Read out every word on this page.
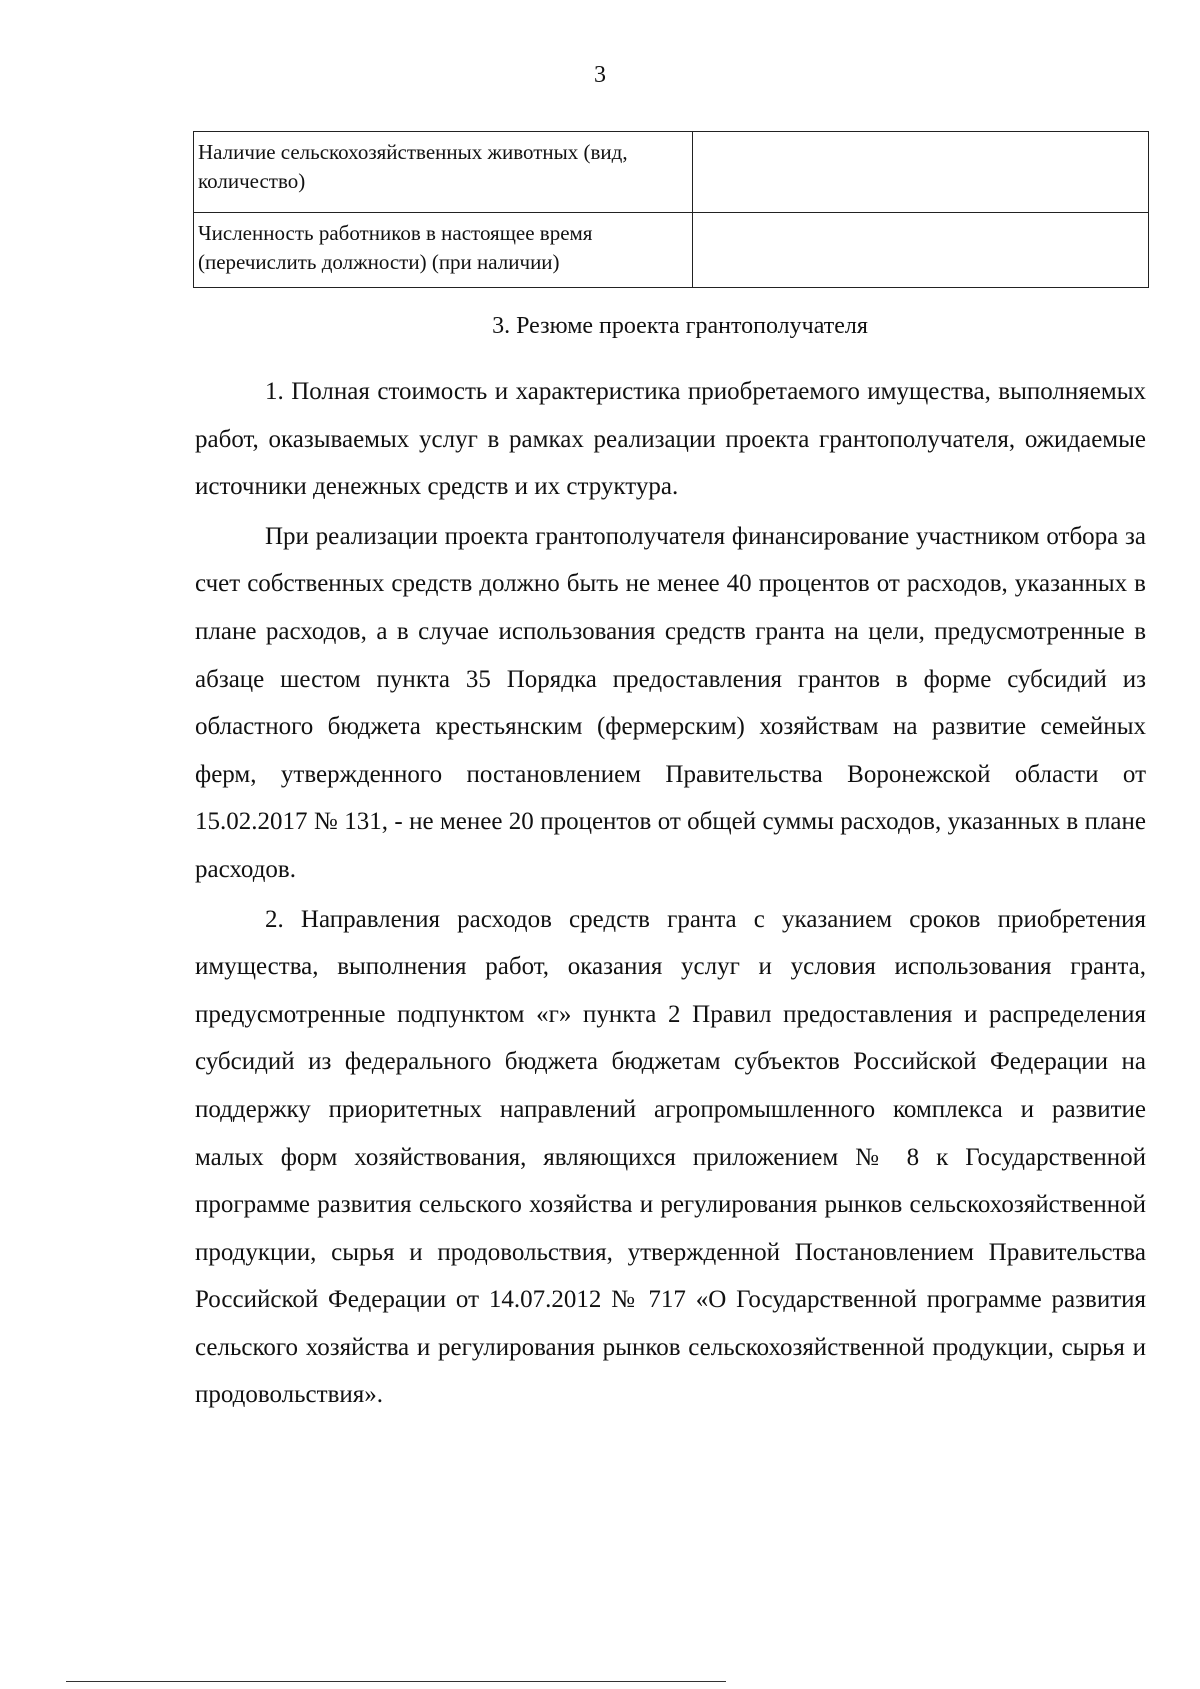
3
Наличие сельскохозяйственных животных (вид, количество)	
Численность работников в настоящее время (перечислить должности) (при наличии)	
3. Резюме проекта грантополучателя

1. Полная стоимость и характеристика приобретаемого имущества, выполняемых работ, оказываемых услуг в рамках реализации проекта грантополучателя, ожидаемые источники денежных средств и их структура.

При реализации проекта грантополучателя финансирование участником отбора за счет собственных средств должно быть не менее 40 процентов от расходов, указанных в плане расходов, а в случае использования средств гранта на цели, предусмотренные в абзаце шестом пункта 35 Порядка предоставления грантов в форме субсидий из областного бюджета крестьянским (фермерским) хозяйствам на развитие семейных ферм, утвержденного постановлением Правительства Воронежской области от 15.02.2017 № 131, - не менее 20 процентов от общей суммы расходов, указанных в плане расходов.

2. Направления расходов средств гранта с указанием сроков приобретения имущества, выполнения работ, оказания услуг и условия использования гранта, предусмотренные подпунктом «г» пункта 2 Правил предоставления и распределения субсидий из федерального бюджета бюджетам субъектов Российской Федерации на поддержку приоритетных направлений агропромышленного комплекса и развитие малых форм хозяйствования, являющихся приложением № 8 к Государственной программе развития сельского хозяйства и регулирования рынков сельскохозяйственной продукции, сырья и продовольствия, утвержденной Постановлением Правительства Российской Федерации от 14.07.2012 № 717 «О Государственной программе развития сельского хозяйства и регулирования рынков сельскохозяйственной продукции, сырья и продовольствия».
